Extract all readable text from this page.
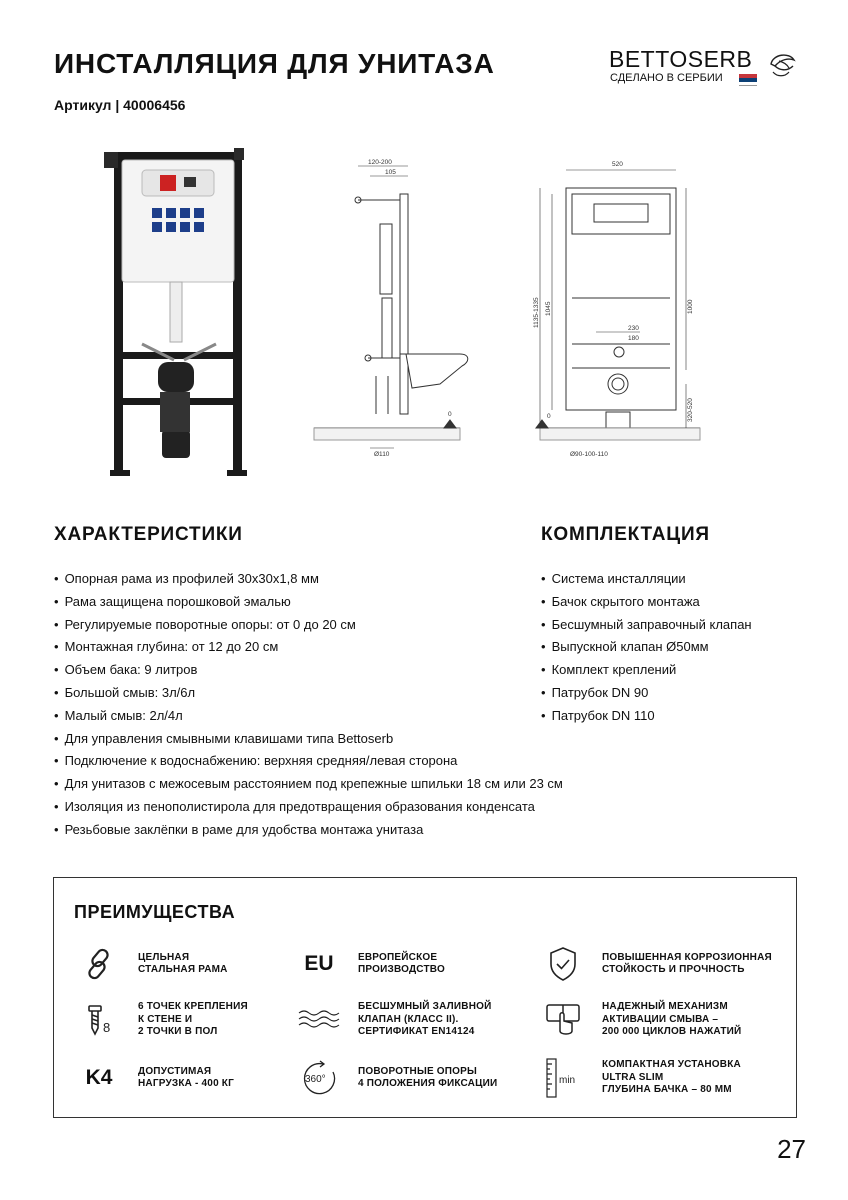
ИНСТАЛЛЯЦИЯ ДЛЯ УНИТАЗА
Артикул | 40006456
BETTOSERB
СДЕЛАНО В СЕРБИИ
120-200
105
Ø110
0
520
1135-1335 1045	1000
230
180
320-520
Ø90-100-110
0
ХАРАКТЕРИСТИКИ
• Опорная рама из профилей 30х30х1,8 мм
• Рама защищена порошковой эмалью
• Регулируемые поворотные опоры: от 0 до 20 см
• Монтажная глубина: от 12 до 20 см
• Объем бака: 9 литров
• Большой смыв: 3л/6л
• Малый смыв: 2л/4л
• Для управления смывными клавишами типа Bettoserb
• Подключение к водоснабжению: верхняя средняя/левая сторона
• Для унитазов с межосевым расстоянием под крепежные шпильки 18 см или 23 см
• Изоляция из пенополистирола для предотвращения образования конденсата
• Резьбовые заклёпки в раме для удобства монтажа унитаза
КОМПЛЕКТАЦИЯ
• Система инсталляции
• Бачок скрытого монтажа
• Бесшумный заправочный клапан
• Выпускной клапан Ø50мм
• Комплект креплений
• Патрубок DN 90
• Патрубок DN 110
ПРЕИМУЩЕСТВА
ЦЕЛЬНАЯ
СТАЛЬНАЯ РАМА	EU ЕВРОПЕЙСКОЕ
ПРОИЗВОДСТВО
ПОВЫШЕННАЯ КОРРОЗИОННАЯ
СТОЙКОСТЬ И ПРОЧНОСТЬ
8
6 ТОЧЕК КРЕПЛЕНИЯ
К СТЕНЕ И
2 ТОЧКИ В ПОЛ
БЕСШУМНЫЙ ЗАЛИВНОЙ
КЛАПАН (КЛАСС II).
СЕРТИФИКАТ EN14124
НАДЕЖНЫЙ МЕХАНИЗМ
АКТИВАЦИИ СМЫВА –
200 000 ЦИКЛОВ НАЖАТИЙ
K4	ДОПУСТИМАЯ
НАГРУЗКА - 400 КГ	360°
ПОВОРОТНЫЕ ОПОРЫ
4 ПОЛОЖЕНИЯ ФИКСАЦИИ	min
КОМПАКТНАЯ УСТАНОВКА
ULTRA SLIM
ГЛУБИНА БАЧКА – 80 ММ
27
